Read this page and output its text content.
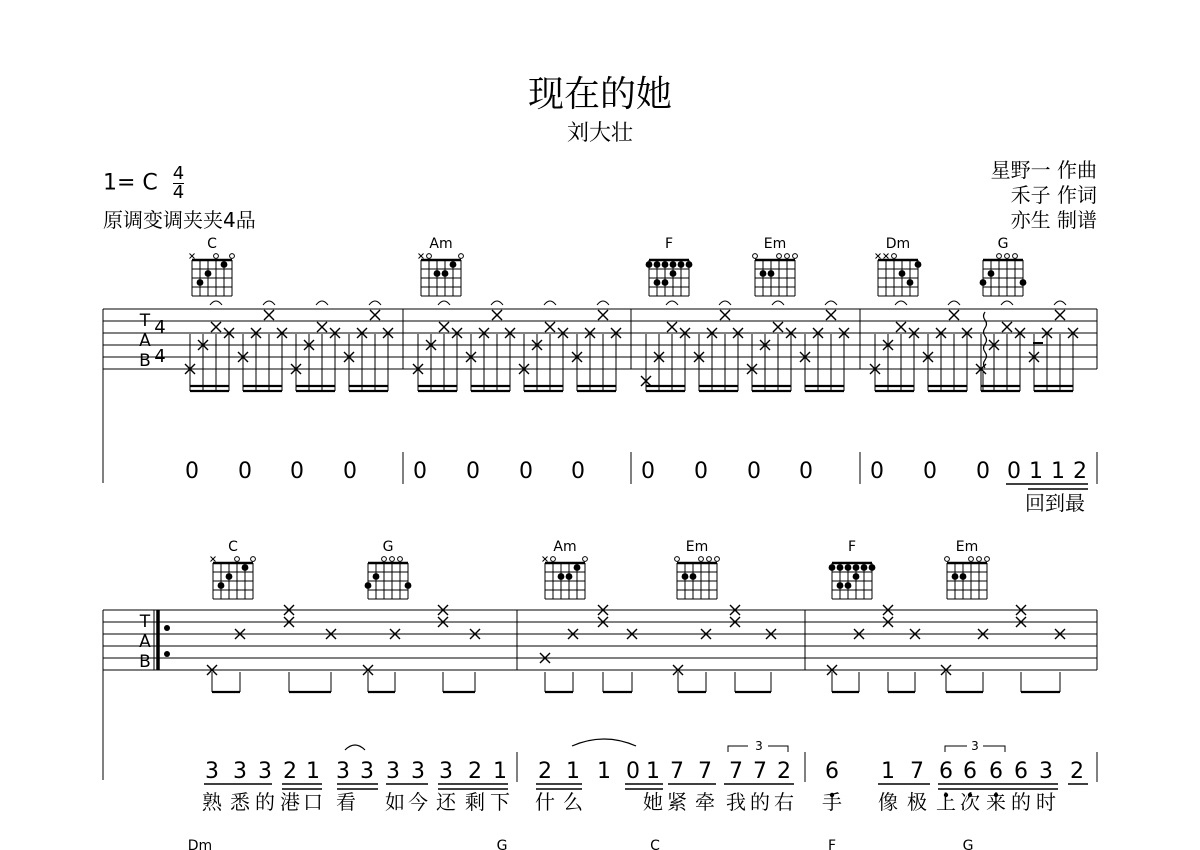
现在的她
刘大壮
1= C $\frac{4}{4}$
原调变调夹夹4品
星野一 作曲
禾子 作词
亦生 制谱
C	Am	F	Em	Dm	G
T
A
B
4
4
0 0 0 0	0 0 0 0	0 0 0 0	0 0 0 0 1 1 2
回到最
C	G	Am	Em	F	Em
T
A
B
3 3 3 2 1 3 3 3 3 3 2 1 2 1 1 0 1 7 7 7 7 2 6 1 7 6 6 6 6 3 2
3	3
熟 悉 的 港 口 看 如 今 还 剩 下 什 么	她 紧 牵 我 的 右 手 像 极 上 次 来 的 时
Dm	G	C	F	G
